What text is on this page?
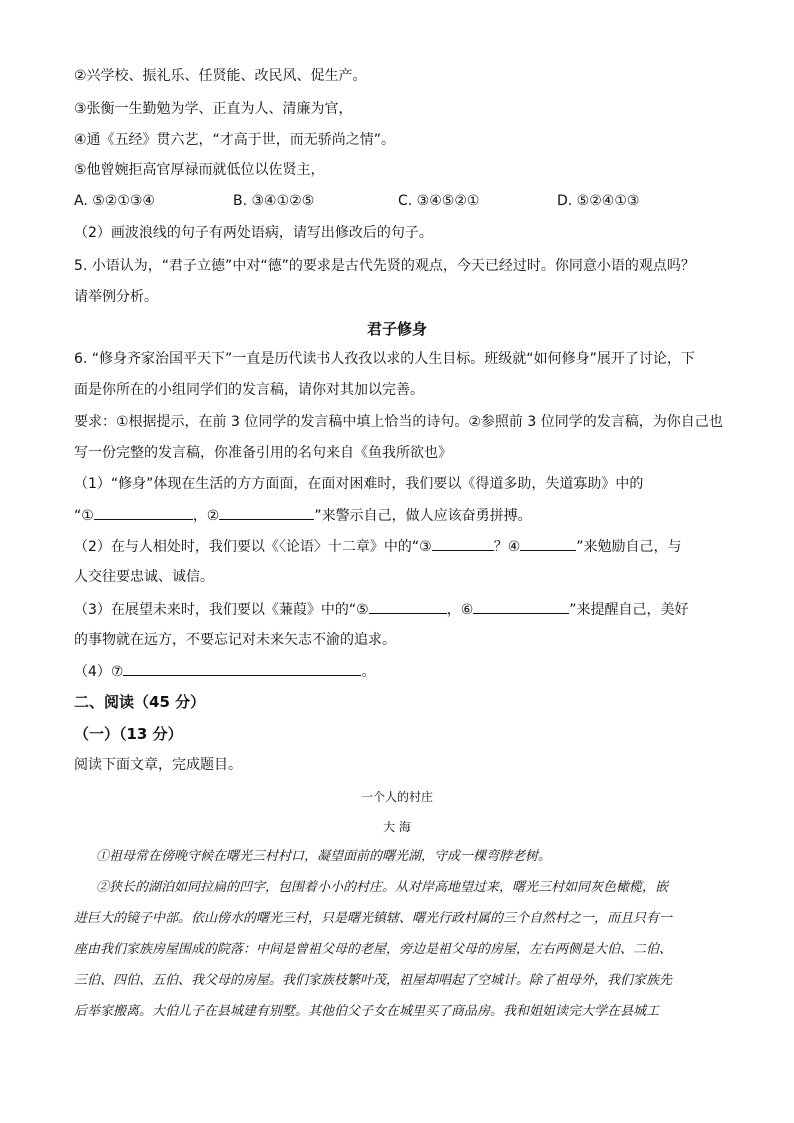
②兴学校、振礼乐、任贤能、改民风、促生产。
③张衡一生勤勉为学、正直为人、清廉为官，
④通《五经》贯六艺，“才高于世，而无骄尚之情”。
⑤他曾婉拒高官厚禄而就低位以佐贤主，
A. ⑤②①③④	B. ③④①②⑤	C. ③④⑤②①	D. ⑤②④①③
（2）画波浪线的句子有两处语病，请写出修改后的句子。
5. 小语认为，“君子立德”中对“德”的要求是古代先贤的观点，今天已经过时。你同意小语的观点吗？
请举例分析。
君子修身
6. “修身齐家治国平天下”一直是历代读书人孜孜以求的人生目标。班级就“如何修身”展开了讨论，下
面是你所在的小组同学们的发言稿，请你对其加以完善。
要求：①根据提示，在前 3 位同学的发言稿中填上恰当的诗句。②参照前 3 位同学的发言稿，为你自己也
写一份完整的发言稿，你准备引用的名句来自《鱼我所欲也》
（1）“修身”体现在生活的方方面面，在面对困难时，我们要以《得道多助，失道寡助》中的
“①	，②	”来警示自己，做人应该奋勇拼搏。
（2）在与人相处时，我们要以《〈论语〉十二章》中的“③	？④	”来勉励自己，与
人交往要忠诚、诚信。
（3）在展望未来时，我们要以《蒹葭》中的“⑤	，⑥	”来提醒自己，美好
的事物就在远方，不要忘记对未来矢志不渝的追求。
（4）⑦	。
二、阅读（45 分）
（一）（13 分）
阅读下面文章，完成题目。
一个人的村庄
大 海
①祖母常在傍晚守候在曙光三村村口，凝望面前的曙光湖，守成一棵弯脖老树。
②狭长的湖泊如同拉扁的凹字，包围着小小的村庄。从对岸高地望过来，曙光三村如同灰色橄榄，嵌
进巨大的镜子中部。依山傍水的曙光三村，只是曙光镇辖、曙光行政村属的三个自然村之一，而且只有一
座由我们家族房屋围成的院落：中间是曾祖父母的老屋，旁边是祖父母的房屋，左右两侧是大伯、二伯、
三伯、四伯、五伯、我父母的房屋。我们家族枝繁叶茂，祖屋却唱起了空城计。除了祖母外，我们家族先
后举家搬离。大伯儿子在县城建有别墅。其他伯父子女在城里买了商品房。我和姐姐读完大学在县城工
